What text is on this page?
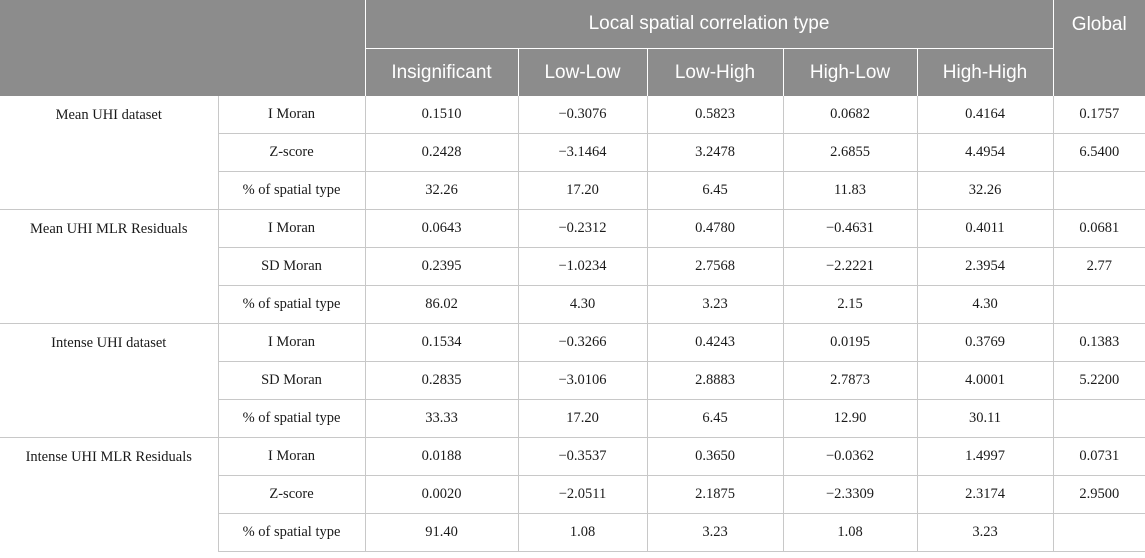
		Local spatial correlation type					Global
		Insignificant	Low-Low	Low-High	High-Low	High-High	
Mean UHI dataset	I Moran	0.1510	−0.3076	0.5823	0.0682	0.4164	0.1757
	Z-score	0.2428	−3.1464	3.2478	2.6855	4.4954	6.5400
	% of spatial type	32.26	17.20	6.45	11.83	32.26	
Mean UHI MLR Residuals	I Moran	0.0643	−0.2312	0.4780	−0.4631	0.4011	0.0681
	SD Moran	0.2395	−1.0234	2.7568	−2.2221	2.3954	2.77
	% of spatial type	86.02	4.30	3.23	2.15	4.30	
Intense UHI dataset	I Moran	0.1534	−0.3266	0.4243	0.0195	0.3769	0.1383
	SD Moran	0.2835	−3.0106	2.8883	2.7873	4.0001	5.2200
	% of spatial type	33.33	17.20	6.45	12.90	30.11	
Intense UHI MLR Residuals	I Moran	0.0188	−0.3537	0.3650	−0.0362	1.4997	0.0731
	Z-score	0.0020	−2.0511	2.1875	−2.3309	2.3174	2.9500
	% of spatial type	91.40	1.08	3.23	1.08	3.23	
